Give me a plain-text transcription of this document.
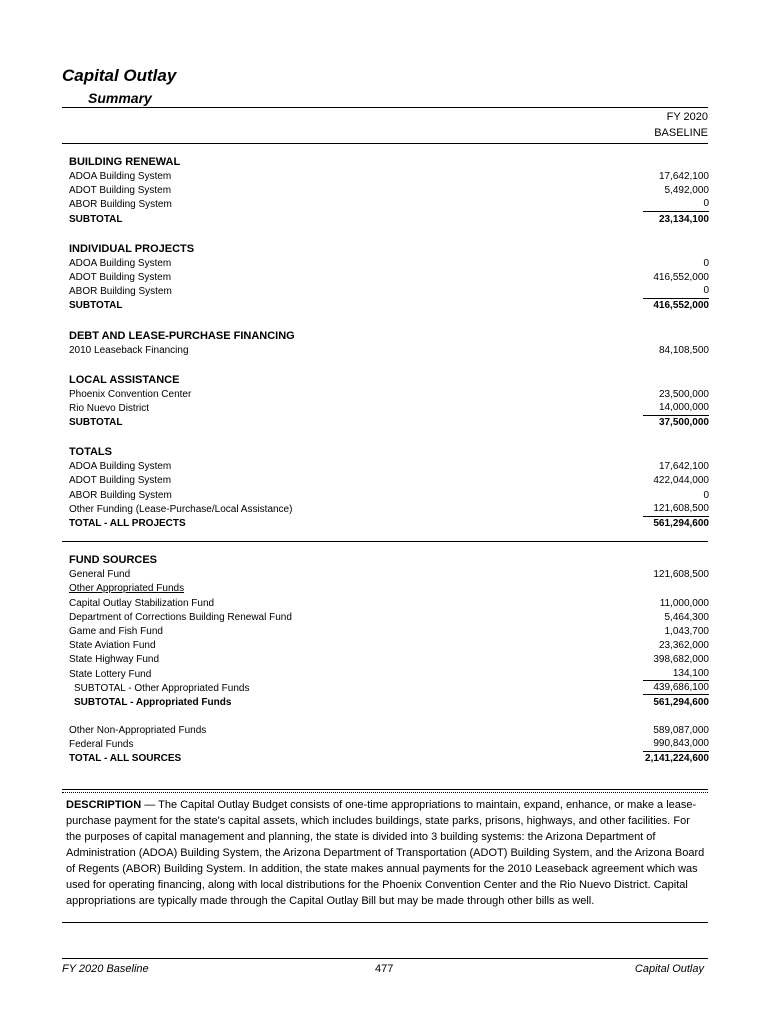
Capital Outlay
Summary
FY 2020
BASELINE
BUILDING RENEWAL
ADOA Building System	17,642,100
ADOT Building System	5,492,000
ABOR Building System	0
SUBTOTAL	23,134,100
INDIVIDUAL PROJECTS
ADOA Building System	0
ADOT Building System	416,552,000
ABOR Building System	0
SUBTOTAL	416,552,000
DEBT AND LEASE-PURCHASE FINANCING
2010 Leaseback Financing	84,108,500
LOCAL ASSISTANCE
Phoenix Convention Center	23,500,000
Rio Nuevo District	14,000,000
SUBTOTAL	37,500,000
TOTALS
ADOA Building System	17,642,100
ADOT Building System	422,044,000
ABOR Building System	0
Other Funding (Lease-Purchase/Local Assistance)	121,608,500
TOTAL - ALL PROJECTS	561,294,600
FUND SOURCES
General Fund	121,608,500
Other Appropriated Funds
Capital Outlay Stabilization Fund	11,000,000
Department of Corrections Building Renewal Fund	5,464,300
Game and Fish Fund	1,043,700
State Aviation Fund	23,362,000
State Highway Fund	398,682,000
State Lottery Fund	134,100
SUBTOTAL - Other Appropriated Funds	439,686,100
SUBTOTAL - Appropriated Funds	561,294,600
Other Non-Appropriated Funds	589,087,000
Federal Funds	990,843,000
TOTAL - ALL SOURCES	2,141,224,600
DESCRIPTION — The Capital Outlay Budget consists of one-time appropriations to maintain, expand, enhance, or make a lease-purchase payment for the state's capital assets, which includes buildings, state parks, prisons, highways, and other facilities. For the purposes of capital management and planning, the state is divided into 3 building systems: the Arizona Department of Administration (ADOA) Building System, the Arizona Department of Transportation (ADOT) Building System, and the Arizona Board of Regents (ABOR) Building System. In addition, the state makes annual payments for the 2010 Leaseback agreement which was used for operating financing, along with local distributions for the Phoenix Convention Center and the Rio Nuevo District. Capital appropriations are typically made through the Capital Outlay Bill but may be made through other bills as well.
FY 2020 Baseline	477	Capital Outlay
